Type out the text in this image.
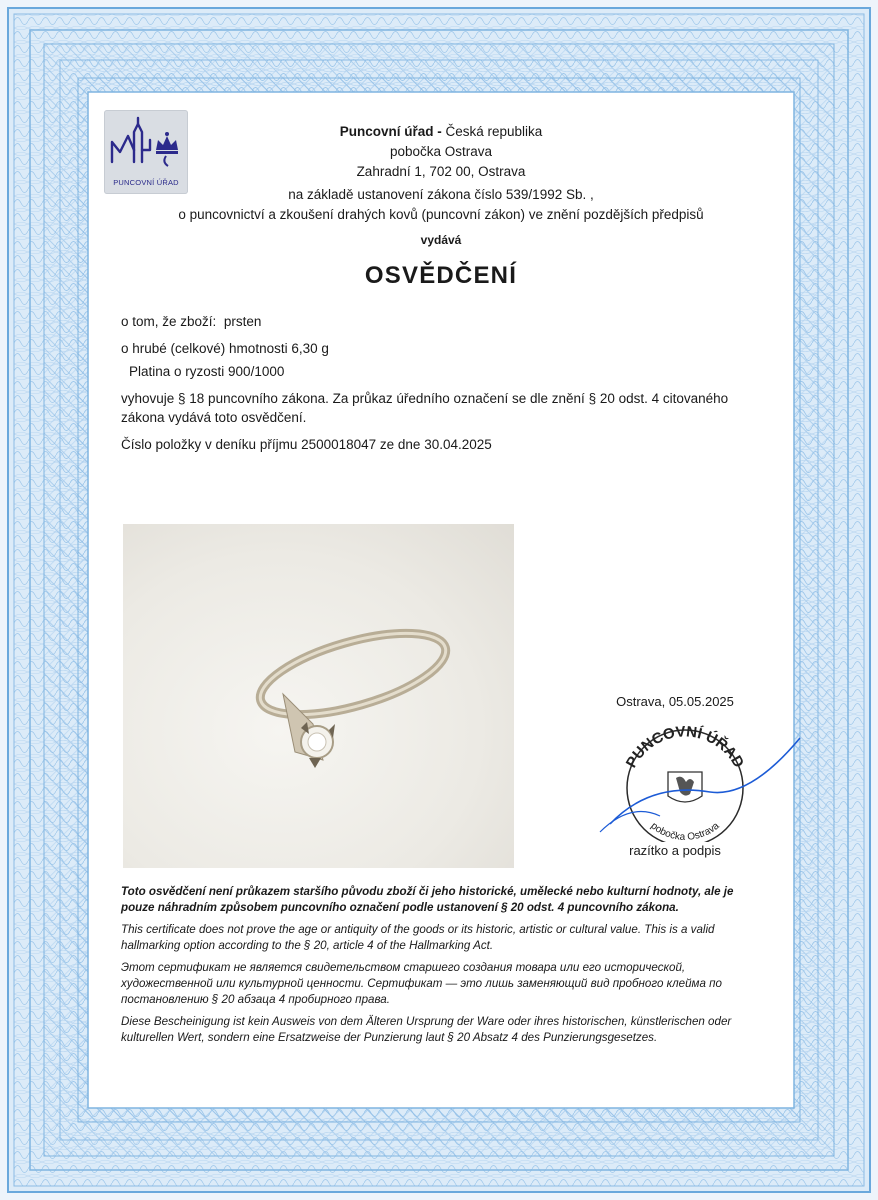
PUNCOVNÍ ÚŘAD
Puncovní úřad - Česká republika
pobočka Ostrava
Zahradní 1, 702 00, Ostrava
na základě ustanovení zákona číslo 539/1992 Sb. ,
o puncovnictví a zkoušení drahých kovů (puncovní zákon) ve znění pozdějších předpisů
vydává
OSVĚDČENÍ

o tom, že zboží: prsten

o hrubé (celkové) hmotnosti 6,30 g

Platina o ryzosti 900/1000

vyhovuje § 18 puncovního zákona. Za průkaz úředního označení se dle znění § 20 odst. 4 citovaného zákona vydává toto osvědčení.

Číslo položky v deníku příjmu 2500018047 ze dne 30.04.2025

Ostrava, 05.05.2025
PUNCOVNÍ ÚŘAD
pobočka Ostrava
razítko a podpis

Toto osvědčení není průkazem staršího původu zboží či jeho historické, umělecké nebo kulturní hodnoty, ale je pouze náhradním způsobem puncovního označení podle ustanovení § 20 odst. 4 puncovního zákona.

This certificate does not prove the age or antiquity of the goods or its historic, artistic or cultural value. This is a valid hallmarking option according to the § 20, article 4 of the Hallmarking Act.

Этот сертификат не является свидетельством старшего создания товара или его исторической, художественной или культурной ценности. Сертификат — это лишь заменяющий вид пробного клейма по постановлению § 20 абзаца 4 пробирного права.

Diese Bescheinigung ist kein Ausweis von dem Älteren Ursprung der Ware oder ihres historischen, künstlerischen oder kulturellen Wert, sondern eine Ersatzweise der Punzierung laut § 20 Absatz 4 des Punzierungsgesetzes.
